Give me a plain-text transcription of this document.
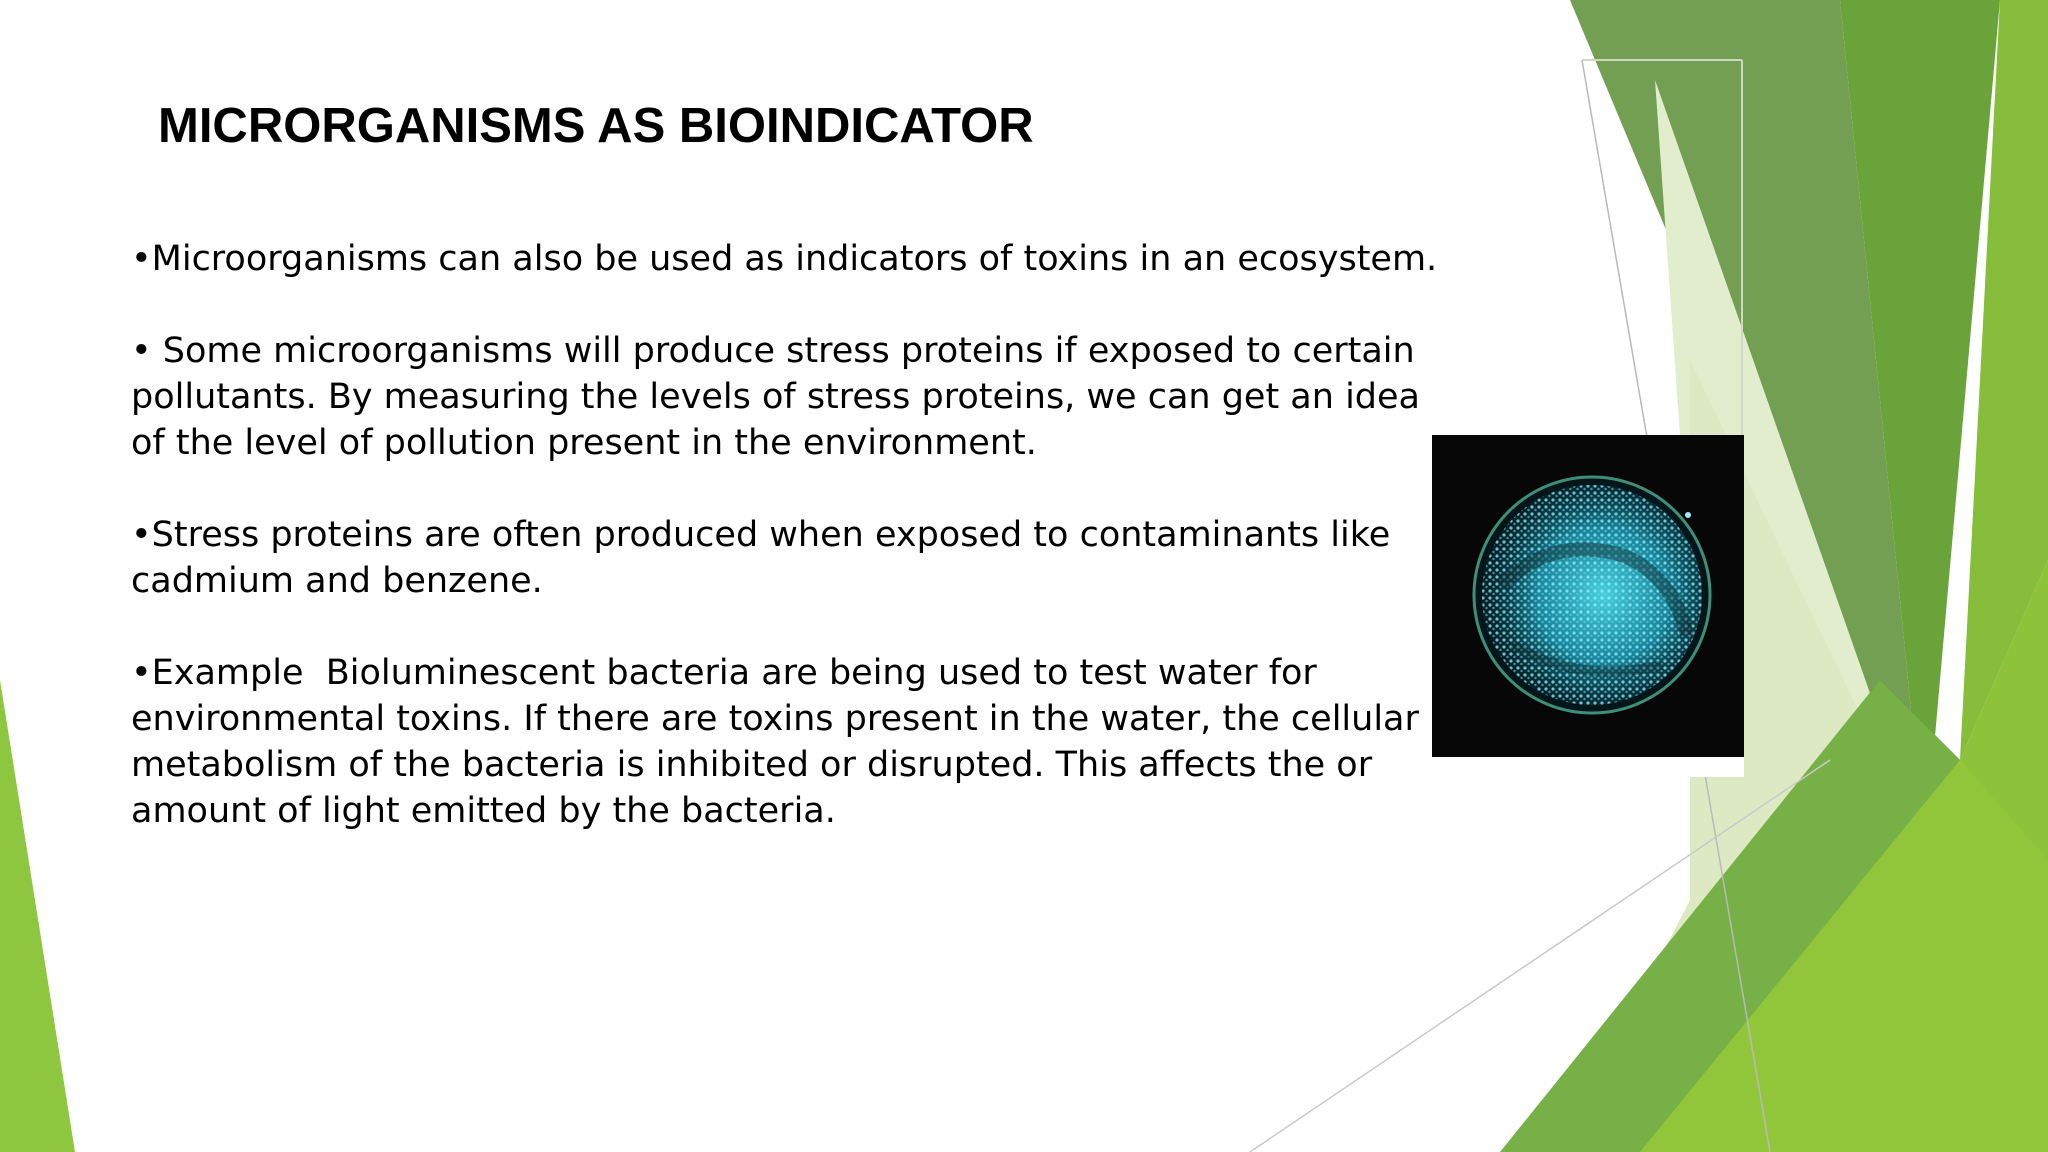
MICRORGANISMS AS BIOINDICATOR

•Microorganisms can also be used as indicators of toxins in an ecosystem.

• Some microorganisms will produce stress proteins if exposed to certain pollutants. By measuring the levels of stress proteins, we can get an idea of the level of pollution present in the environment.

•Stress proteins are often produced when exposed to contaminants like cadmium and benzene.

•Example  Bioluminescent bacteria are being used to test water for environmental toxins. If there are toxins present in the water, the cellular metabolism of the bacteria is inhibited or disrupted. This affects the or amount of light emitted by the bacteria.
